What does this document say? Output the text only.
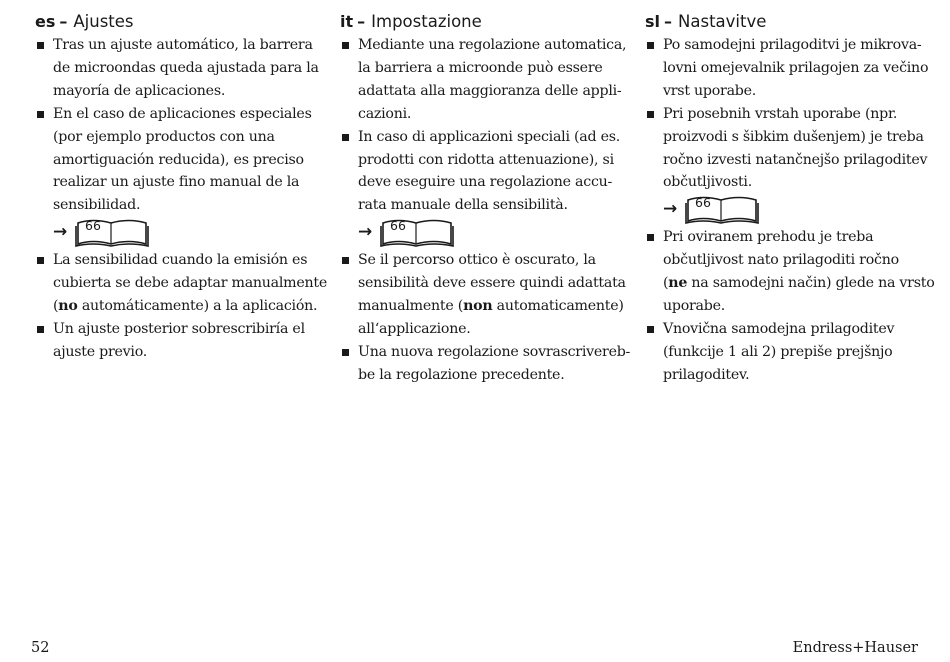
es – Ajustes
Tras un ajuste automático, la barrera
de microondas queda ajustada para la
mayoría de aplicaciones.
En el caso de aplicaciones especiales
(por ejemplo productos con una
amortiguación reducida), es preciso
realizar un ajuste fino manual de la
sensibilidad.
→ 66
La sensibilidad cuando la emisión es
cubierta se debe adaptar manualmente
(no automáticamente) a la aplicación.
Un ajuste posterior sobrescribiría el
ajuste previo.
it – Impostazione
Mediante una regolazione automatica,
la barriera a microonde può essere
adattata alla maggioranza delle appli-
cazioni.
In caso di applicazioni speciali (ad es.
prodotti con ridotta attenuazione), si
deve eseguire una regolazione accu-
rata manuale della sensibilità.
→ 66
Se il percorso ottico è oscurato, la
sensibilità deve essere quindi adattata
manualmente (non automaticamente)
all‘applicazione.
Una nuova regolazione sovrascrivereb-
be la regolazione precedente.
sl – Nastavitve
Po samodejni prilagoditvi je mikrova-
lovni omejevalnik prilagojen za večino
vrst uporabe.
Pri posebnih vrstah uporabe (npr.
proizvodi s šibkim dušenjem) je treba
ročno izvesti natančnejšo prilagoditev
občutljivosti.
→ 66
Pri oviranem prehodu je treba
občutljivost nato prilagoditi ročno
(ne na samodejni način) glede na vrsto
uporabe.
Vnovična samodejna prilagoditev
(funkcije 1 ali 2) prepiše prejšnjo
prilagoditev.
52	Endress+Hauser
